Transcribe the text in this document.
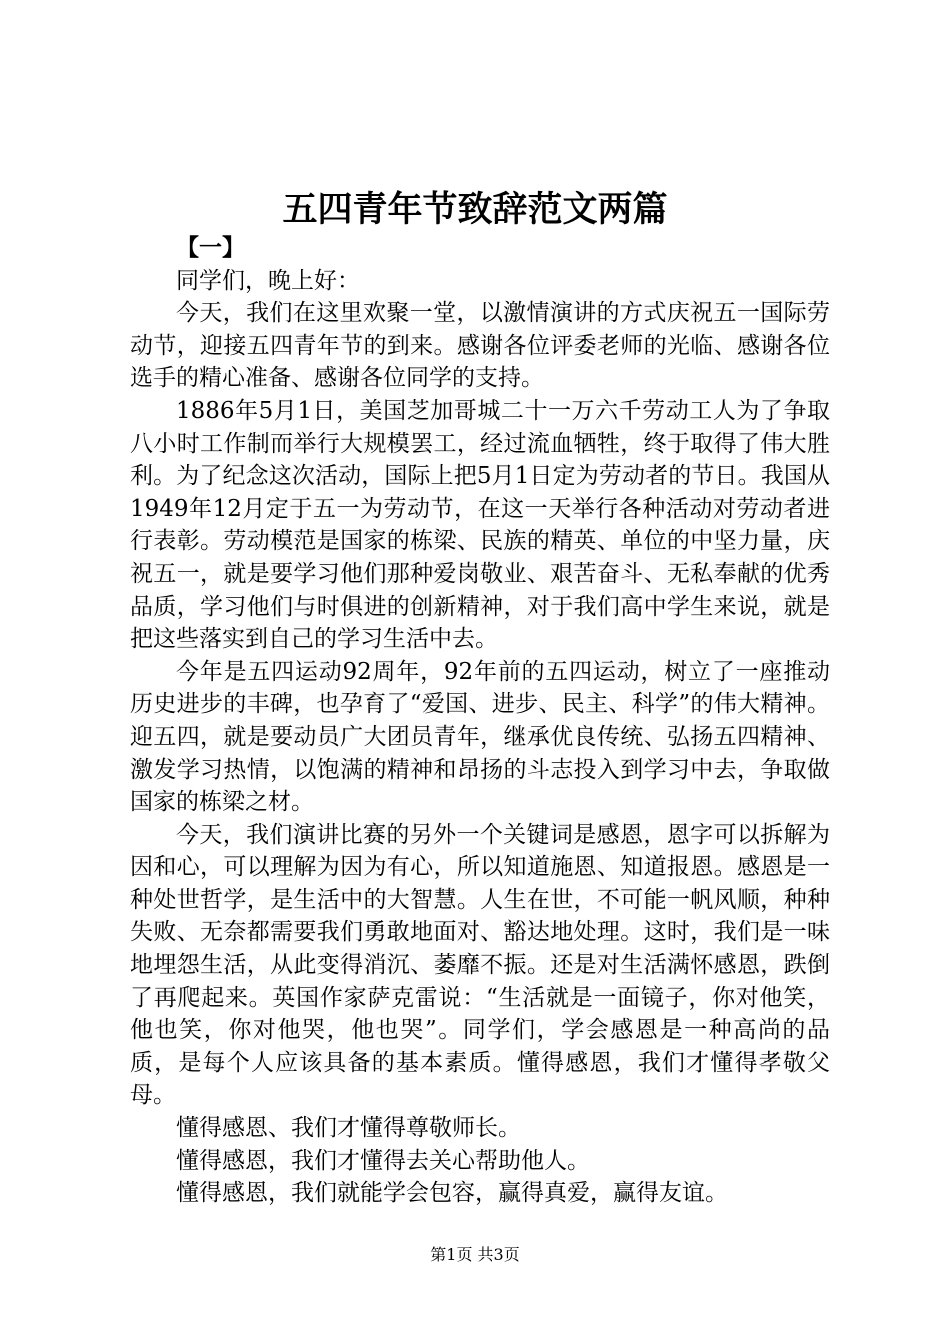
五四青年节致辞范文两篇

【一】

同学们，晚上好：

今天，我们在这里欢聚一堂，以激情演讲的方式庆祝五一国际劳动节，迎接五四青年节的到来。感谢各位评委老师的光临、感谢各位选手的精心准备、感谢各位同学的支持。

1886年5月1日，美国芝加哥城二十一万六千劳动工人为了争取八小时工作制而举行大规模罢工，经过流血牺牲，终于取得了伟大胜利。为了纪念这次活动，国际上把5月1日定为劳动者的节日。我国从1949年12月定于五一为劳动节，在这一天举行各种活动对劳动者进行表彰。劳动模范是国家的栋梁、民族的精英、单位的中坚力量，庆祝五一，就是要学习他们那种爱岗敬业、艰苦奋斗、无私奉献的优秀品质，学习他们与时俱进的创新精神，对于我们高中学生来说，就是把这些落实到自己的学习生活中去。

今年是五四运动92周年，92年前的五四运动，树立了一座推动历史进步的丰碑，也孕育了“爱国、进步、民主、科学”的伟大精神。迎五四，就是要动员广大团员青年，继承优良传统、弘扬五四精神、激发学习热情，以饱满的精神和昂扬的斗志投入到学习中去，争取做国家的栋梁之材。

今天，我们演讲比赛的另外一个关键词是感恩，恩字可以拆解为因和心，可以理解为因为有心，所以知道施恩、知道报恩。感恩是一种处世哲学，是生活中的大智慧。人生在世，不可能一帆风顺，种种失败、无奈都需要我们勇敢地面对、豁达地处理。这时，我们是一味地埋怨生活，从此变得消沉、萎靡不振。还是对生活满怀感恩，跌倒了再爬起来。英国作家萨克雷说：“生活就是一面镜子，你对他笑，他也笑，你对他哭，他也哭”。同学们，学会感恩是一种高尚的品质，是每个人应该具备的基本素质。懂得感恩，我们才懂得孝敬父母。

懂得感恩、我们才懂得尊敬师长。

懂得感恩，我们才懂得去关心帮助他人。

懂得感恩，我们就能学会包容，赢得真爱，赢得友谊。

第1页 共3页
